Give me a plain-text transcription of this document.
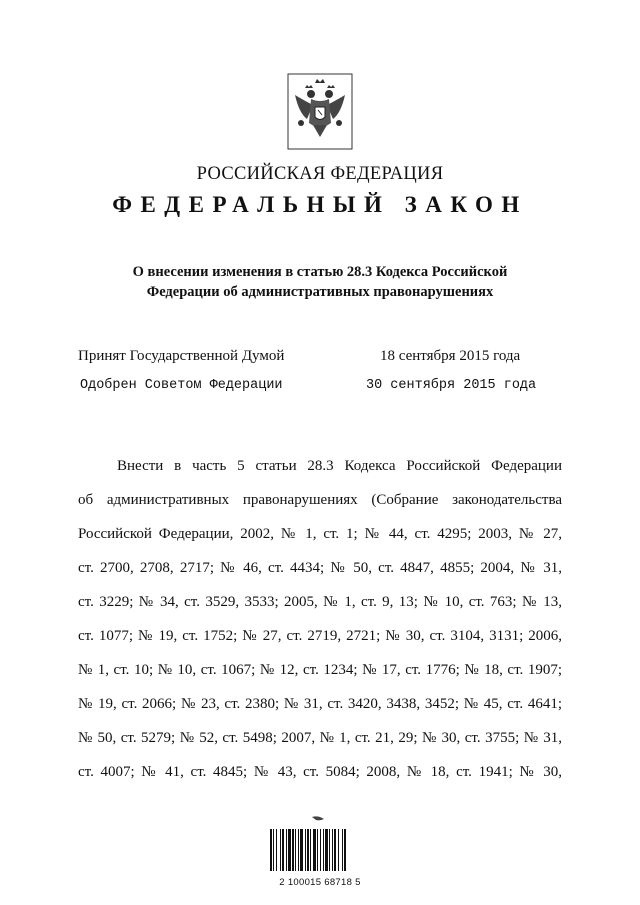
РОССИЙСКАЯ ФЕДЕРАЦИЯ
ФЕДЕРАЛЬНЫЙ ЗАКОН
О внесении изменения в статью 28.3 Кодекса Российской
Федерации об административных правонарушениях
Принят Государственной Думой	18 сентября 2015 года
Одобрен Советом Федерации	30 сентября 2015 года
Внести в часть 5 статьи 28.3 Кодекса Российской Федерации
об административных правонарушениях (Собрание законодательства
Российской Федерации, 2002, № 1, ст. 1; № 44, ст. 4295; 2003, № 27,
ст. 2700, 2708, 2717; № 46, ст. 4434; № 50, ст. 4847, 4855; 2004, № 31,
ст. 3229; № 34, ст. 3529, 3533; 2005, № 1, ст. 9, 13; № 10, ст. 763; № 13,
ст. 1077; № 19, ст. 1752; № 27, ст. 2719, 2721; № 30, ст. 3104, 3131; 2006,
№ 1, ст. 10; № 10, ст. 1067; № 12, ст. 1234; № 17, ст. 1776; № 18, ст. 1907;
№ 19, ст. 2066; № 23, ст. 2380; № 31, ст. 3420, 3438, 3452; № 45, ст. 4641;
№ 50, ст. 5279; № 52, ст. 5498; 2007, № 1, ст. 21, 29; № 30, ст. 3755; № 31,
ст. 4007; № 41, ст. 4845; № 43, ст. 5084; 2008, № 18, ст. 1941; № 30,
2 100015 68718 5
